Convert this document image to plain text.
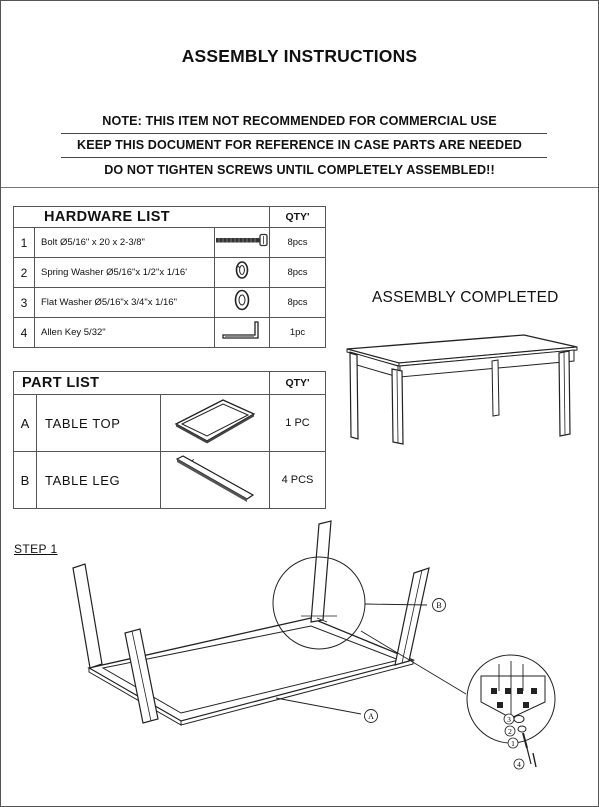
ASSEMBLY INSTRUCTIONS
NOTE: THIS ITEM NOT RECOMMENDED FOR COMMERCIAL USE
KEEP THIS DOCUMENT FOR REFERENCE IN CASE PARTS ARE NEEDED
DO NOT TIGHTEN SCREWS UNTIL COMPLETELY ASSEMBLED!!
HARDWARE LIST			QTY'
1	Bolt Ø5/16" x 20 x 2-3/8"		8pcs
2	Spring Washer Ø5/16"x 1/2"x 1/16'		8pcs
3	Flat Washer Ø5/16"x 3/4"x 1/16"		8pcs
4	Allen Key 5/32"		1pc
PART LIST			QTY'
A	TABLE TOP		1 PC
B	TABLE LEG		4 PCS
ASSEMBLY COMPLETED
STEP 1
B
A	3
2
1
4
